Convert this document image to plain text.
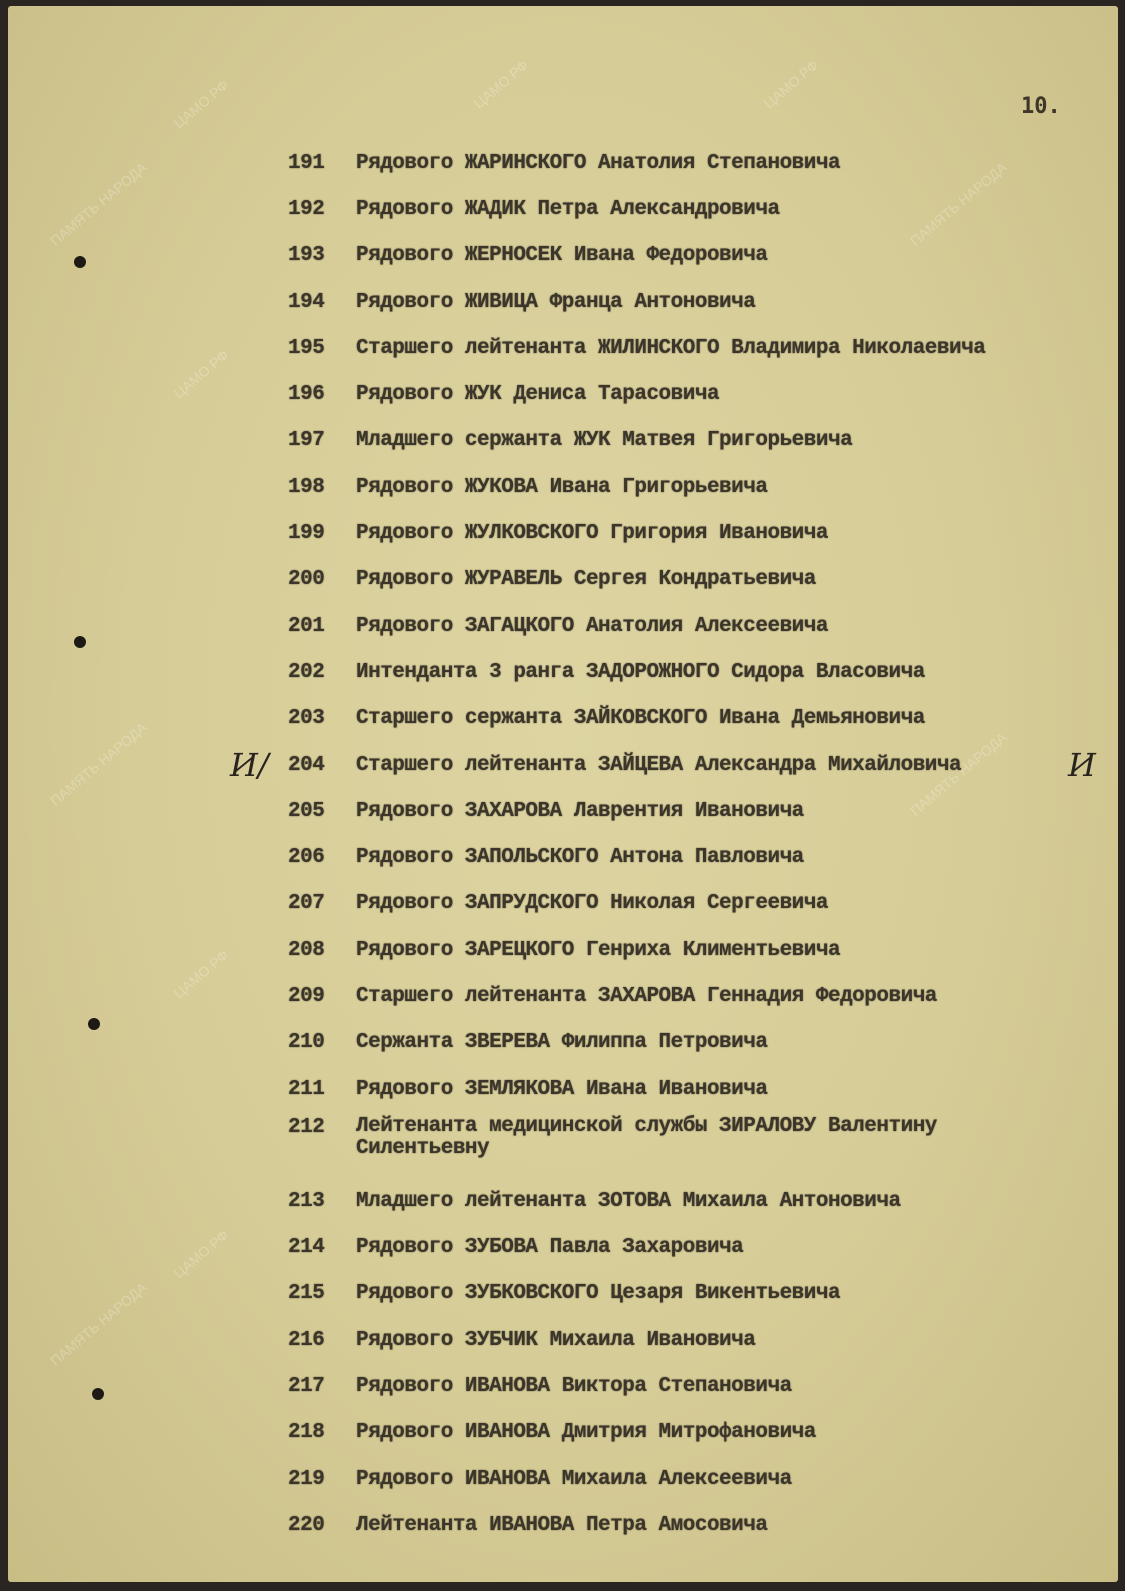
ЦАМО.РФ	ЦАМО.РФ	ЦАМО.РФ
ПАМЯТЬ НАРОДА	ПАМЯТЬ НАРОДА
ЦАМО.РФ
ПАМЯТЬ НАРОДА	ПАМЯТЬ НАРОДА
ЦАМО.РФ
ПАМЯТЬ НАРОДА
ЦАМО.РФ
10.
И/	И
191	Рядового ЖАРИНСКОГО Анатолия Степановича
192	Рядового ЖАДИК Петра Александровича
193	Рядового ЖЕРНОСЕК Ивана Федоровича
194	Рядового ЖИВИЦА Франца Антоновича
195	Старшего лейтенанта ЖИЛИНСКОГО Владимира Николаевича
196	Рядового ЖУК Дениса Тарасовича
197	Младшего сержанта ЖУК Матвея Григорьевича
198	Рядового ЖУКОВА Ивана Григорьевича
199	Рядового ЖУЛКОВСКОГО Григория Ивановича
200	Рядового ЖУРАВЕЛЬ Сергея Кондратьевича
201	Рядового ЗАГАЦКОГО Анатолия Алексеевича
202	Интенданта 3 ранга ЗАДОРОЖНОГО Сидора Власовича
203	Старшего сержанта ЗАЙКОВСКОГО Ивана Демьяновича
204	Старшего лейтенанта ЗАЙЦЕВА Александра Михайловича
205	Рядового ЗАХАРОВА Лаврентия Ивановича
206	Рядового ЗАПОЛЬСКОГО Антона Павловича
207	Рядового ЗАПРУДСКОГО Николая Сергеевича
208	Рядового ЗАРЕЦКОГО Генриха Климентьевича
209	Старшего лейтенанта ЗАХАРОВА Геннадия Федоровича
210	Сержанта ЗВЕРЕВА Филиппа Петровича
211	Рядового ЗЕМЛЯКОВА Ивана Ивановича
212	Лейтенанта медицинской службы ЗИРАЛОВУ Валентину Силентьевну
213	Младшего лейтенанта ЗОТОВА Михаила Антоновича
214	Рядового ЗУБОВА Павла Захаровича
215	Рядового ЗУБКОВСКОГО Цезаря Викентьевича
216	Рядового ЗУБЧИК Михаила Ивановича
217	Рядового ИВАНОВА Виктора Степановича
218	Рядового ИВАНОВА Дмитрия Митрофановича
219	Рядового ИВАНОВА Михаила Алексеевича
220	Лейтенанта ИВАНОВА Петра Амосовича
